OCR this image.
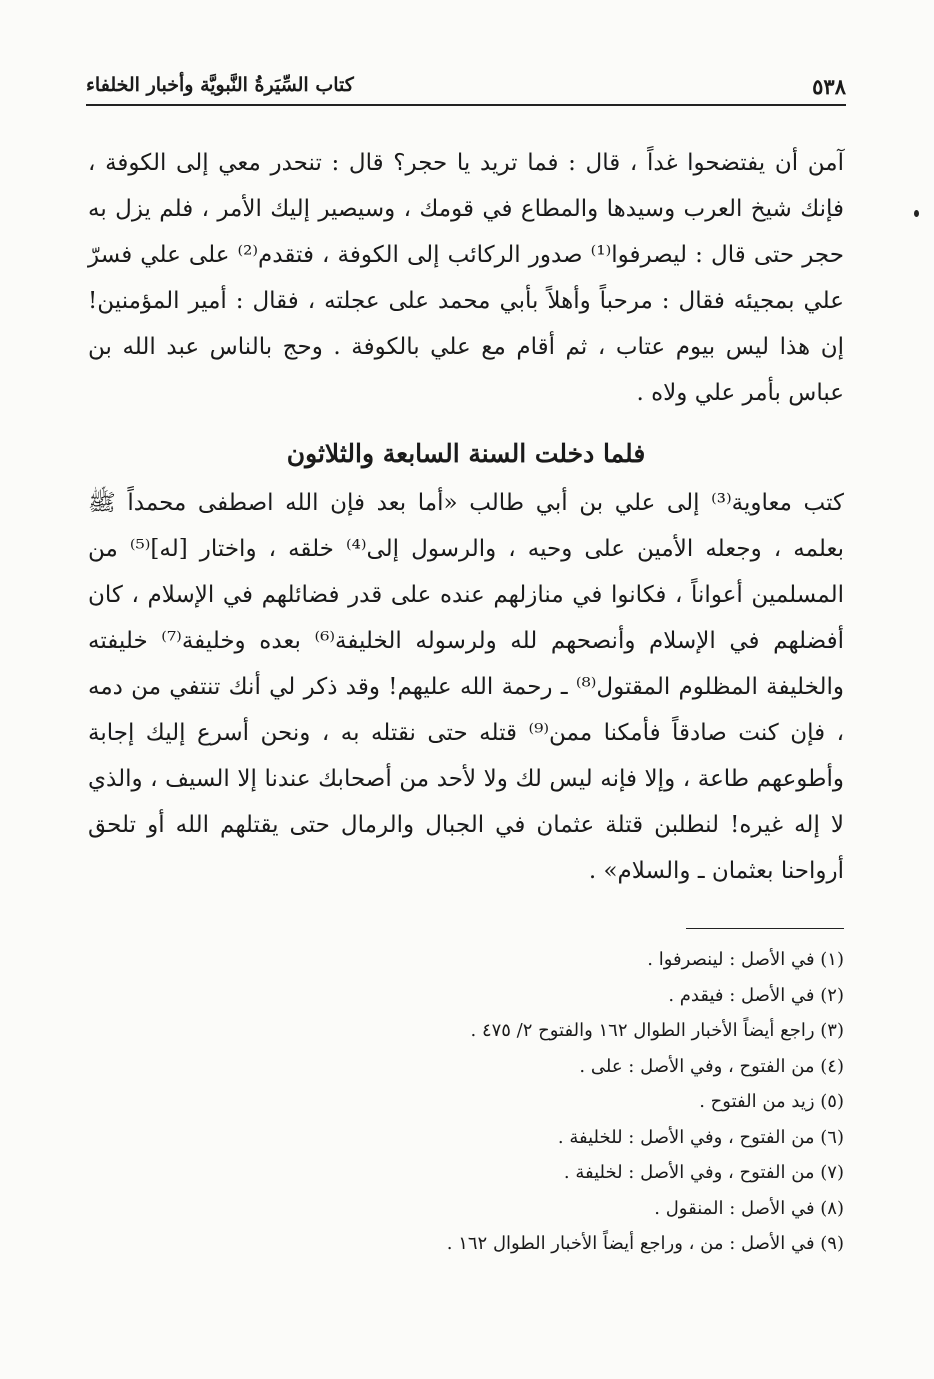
٥٣٨
كتاب السِّيَرةُ النَّبويَّة وأخبار الخلفاء

آمن أن يفتضحوا غداً ، قال : فما تريد يا حجر؟ قال : تنحدر معي إلى الكوفة ، فإنك شيخ العرب وسيدها والمطاع في قومك ، وسيصير إليك الأمر ، فلم يزل به حجر حتى قال : ليصرفوا⁽¹⁾ صدور الركائب إلى الكوفة ، فتقدم⁽²⁾ على علي فسرّ علي بمجيئه فقال : مرحباً وأهلاً بأبي محمد على عجلته ، فقال : أمير المؤمنين! إن هذا ليس بيوم عتاب ، ثم أقام مع علي بالكوفة . وحج بالناس عبد الله بن عباس بأمر علي ولاه .

فلما دخلت السنة السابعة والثلاثون

كتب معاوية⁽³⁾ إلى علي بن أبي طالب «أما بعد فإن الله اصطفى محمداً ﷺ بعلمه ، وجعله الأمين على وحيه ، والرسول إلى⁽⁴⁾ خلقه ، واختار [له]⁽⁵⁾ من المسلمين أعواناً ، فكانوا في منازلهم عنده على قدر فضائلهم في الإسلام ، كان أفضلهم في الإسلام وأنصحهم لله ولرسوله الخليفة⁽⁶⁾ بعده وخليفة⁽⁷⁾ خليفته والخليفة المظلوم المقتول⁽⁸⁾ ـ رحمة الله عليهم! وقد ذكر لي أنك تنتفي من دمه ، فإن كنت صادقاً فأمكنا ممن⁽⁹⁾ قتله حتى نقتله به ، ونحن أسرع إليك إجابة وأطوعهم طاعة ، وإلا فإنه ليس لك ولا لأحد من أصحابك عندنا إلا السيف ، والذي لا إله غيره! لنطلبن قتلة عثمان في الجبال والرمال حتى يقتلهم الله أو تلحق أرواحنا بعثمان ـ والسلام» .

(١) في الأصل : لينصرفوا .
(٢) في الأصل : فيقدم .
(٣) راجع أيضاً الأخبار الطوال ١٦٢ والفتوح ٢/ ٤٧٥ .
(٤) من الفتوح ، وفي الأصل : على .
(٥) زيد من الفتوح .
(٦) من الفتوح ، وفي الأصل : للخليفة .
(٧) من الفتوح ، وفي الأصل : لخليفة .
(٨) في الأصل : المنقول .
(٩) في الأصل : من ، وراجع أيضاً الأخبار الطوال ١٦٢ .
